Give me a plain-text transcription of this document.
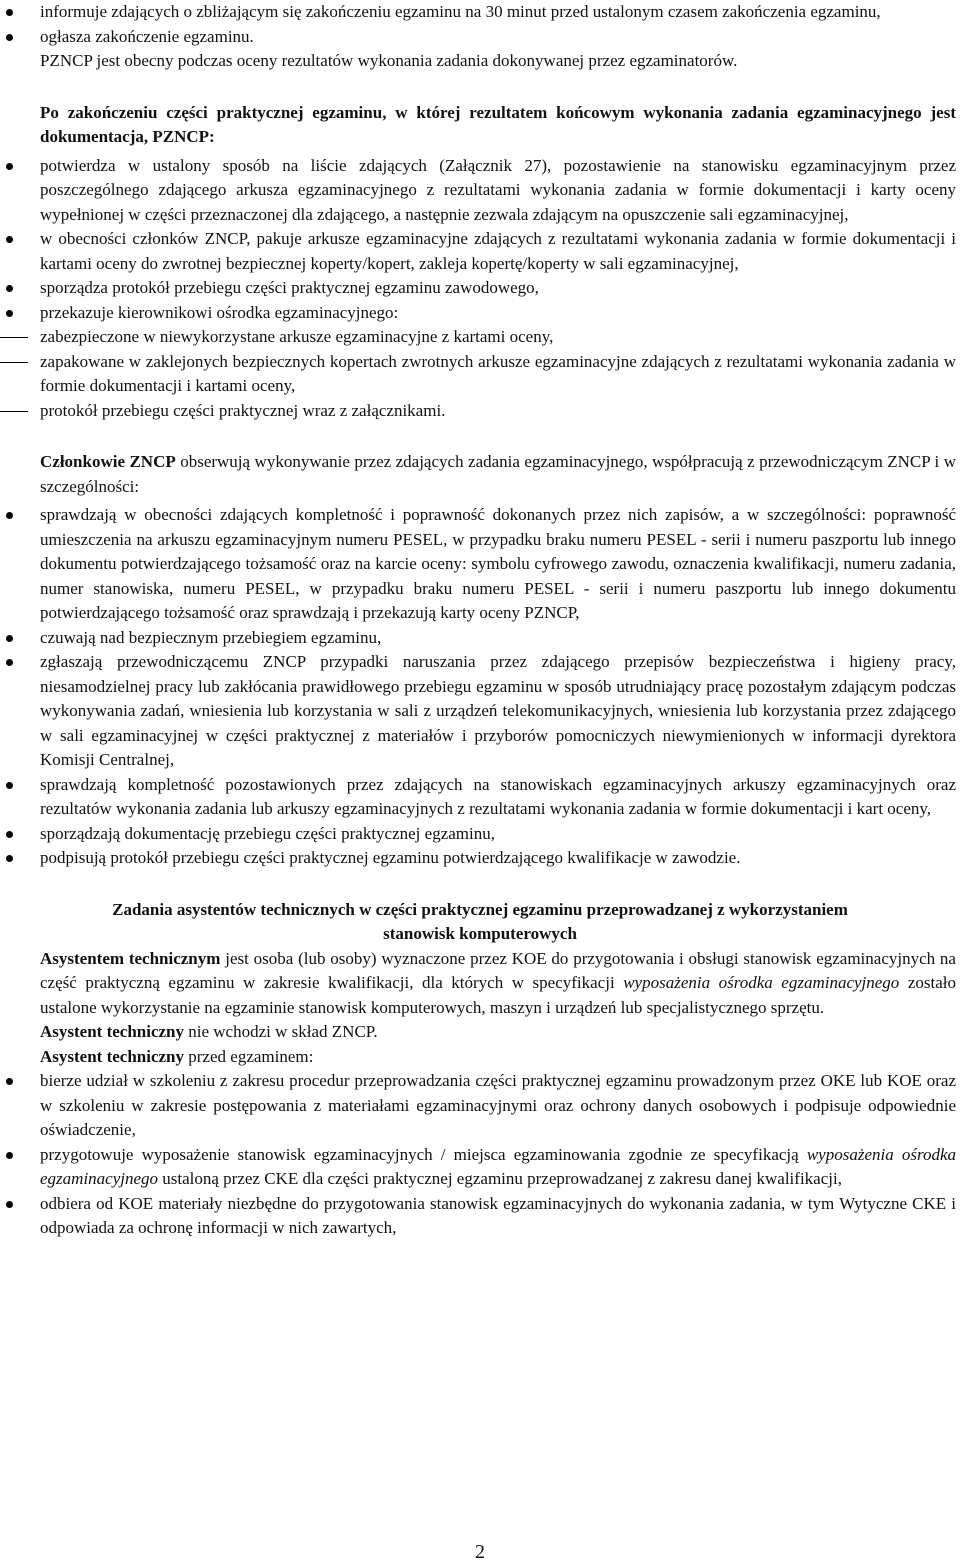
informuje zdających o zbliżającym się zakończeniu egzaminu na 30 minut przed ustalonym czasem zakończenia egzaminu,

ogłasza zakończenie egzaminu.

PZNCP jest obecny podczas oceny rezultatów wykonania zadania dokonywanej przez egzaminatorów.

Po zakończeniu części praktycznej egzaminu, w której rezultatem końcowym wykonania zadania egzaminacyjnego jest dokumentacja, PZNCP:

potwierdza w ustalony sposób na liście zdających (Załącznik 27), pozostawienie na stanowisku egzaminacyjnym przez poszczególnego zdającego arkusza egzaminacyjnego z rezultatami wykonania zadania w formie dokumentacji i karty oceny wypełnionej w części przeznaczonej dla zdającego, a następnie zezwala zdającym na opuszczenie sali egzaminacyjnej,

w obecności członków ZNCP, pakuje arkusze egzaminacyjne zdających z rezultatami wykonania zadania w formie dokumentacji i kartami oceny do zwrotnej bezpiecznej koperty/kopert, zakleja kopertę/koperty w sali egzaminacyjnej,

sporządza protokół przebiegu części praktycznej egzaminu zawodowego,

przekazuje kierownikowi ośrodka egzaminacyjnego:

zabezpieczone w niewykorzystane arkusze egzaminacyjne z kartami oceny,

zapakowane w zaklejonych bezpiecznych kopertach zwrotnych arkusze egzaminacyjne zdających z rezultatami wykonania zadania w formie dokumentacji i kartami oceny,

protokół przebiegu części praktycznej wraz z załącznikami.

Członkowie ZNCP obserwują wykonywanie przez zdających zadania egzaminacyjnego, współpracują z przewodniczącym ZNCP i w szczególności:

sprawdzają w obecności zdających kompletność i poprawność dokonanych przez nich zapisów, a w szczególności: poprawność umieszczenia na arkuszu egzaminacyjnym numeru PESEL, w przypadku braku numeru PESEL - serii i numeru paszportu lub innego dokumentu potwierdzającego tożsamość oraz na karcie oceny: symbolu cyfrowego zawodu, oznaczenia kwalifikacji, numeru zadania, numer stanowiska, numeru PESEL, w przypadku braku numeru PESEL - serii i numeru paszportu lub innego dokumentu potwierdzającego tożsamość oraz sprawdzają i przekazują karty oceny PZNCP,

czuwają nad bezpiecznym przebiegiem egzaminu,

zgłaszają przewodniczącemu ZNCP przypadki naruszania przez zdającego przepisów bezpieczeństwa i higieny pracy, niesamodzielnej pracy lub zakłócania prawidłowego przebiegu egzaminu w sposób utrudniający pracę pozostałym zdającym podczas wykonywania zadań, wniesienia lub korzystania w sali z urządzeń telekomunikacyjnych, wniesienia lub korzystania przez zdającego w sali egzaminacyjnej w części praktycznej z materiałów i przyborów pomocniczych niewymienionych w informacji dyrektora Komisji Centralnej,

sprawdzają kompletność pozostawionych przez zdających na stanowiskach egzaminacyjnych arkuszy egzaminacyjnych oraz rezultatów wykonania zadania lub arkuszy egzaminacyjnych z rezultatami wykonania zadania w formie dokumentacji i kart oceny,

sporządzają dokumentację przebiegu części praktycznej egzaminu,

podpisują protokół przebiegu części praktycznej egzaminu potwierdzającego kwalifikacje w zawodzie.

Zadania asystentów technicznych w części praktycznej egzaminu przeprowadzanej z wykorzystaniem
stanowisk komputerowych

Asystentem technicznym jest osoba (lub osoby) wyznaczone przez KOE do przygotowania i obsługi stanowisk egzaminacyjnych na część praktyczną egzaminu w zakresie kwalifikacji, dla których w specyfikacji wyposażenia ośrodka egzaminacyjnego zostało ustalone wykorzystanie na egzaminie stanowisk komputerowych, maszyn i urządzeń lub specjalistycznego sprzętu.

Asystent techniczny nie wchodzi w skład ZNCP.

Asystent techniczny przed egzaminem:

bierze udział w szkoleniu z zakresu procedur przeprowadzania części praktycznej egzaminu prowadzonym przez OKE lub KOE oraz w szkoleniu w zakresie postępowania z materiałami egzaminacyjnymi oraz ochrony danych osobowych i podpisuje odpowiednie oświadczenie,

przygotowuje wyposażenie stanowisk egzaminacyjnych / miejsca egzaminowania zgodnie ze specyfikacją wyposażenia ośrodka egzaminacyjnego ustaloną przez CKE dla części praktycznej egzaminu przeprowadzanej z zakresu danej kwalifikacji,

odbiera od KOE materiały niezbędne do przygotowania stanowisk egzaminacyjnych do wykonania zadania, w tym Wytyczne CKE i odpowiada za ochronę informacji w nich zawartych,

2
